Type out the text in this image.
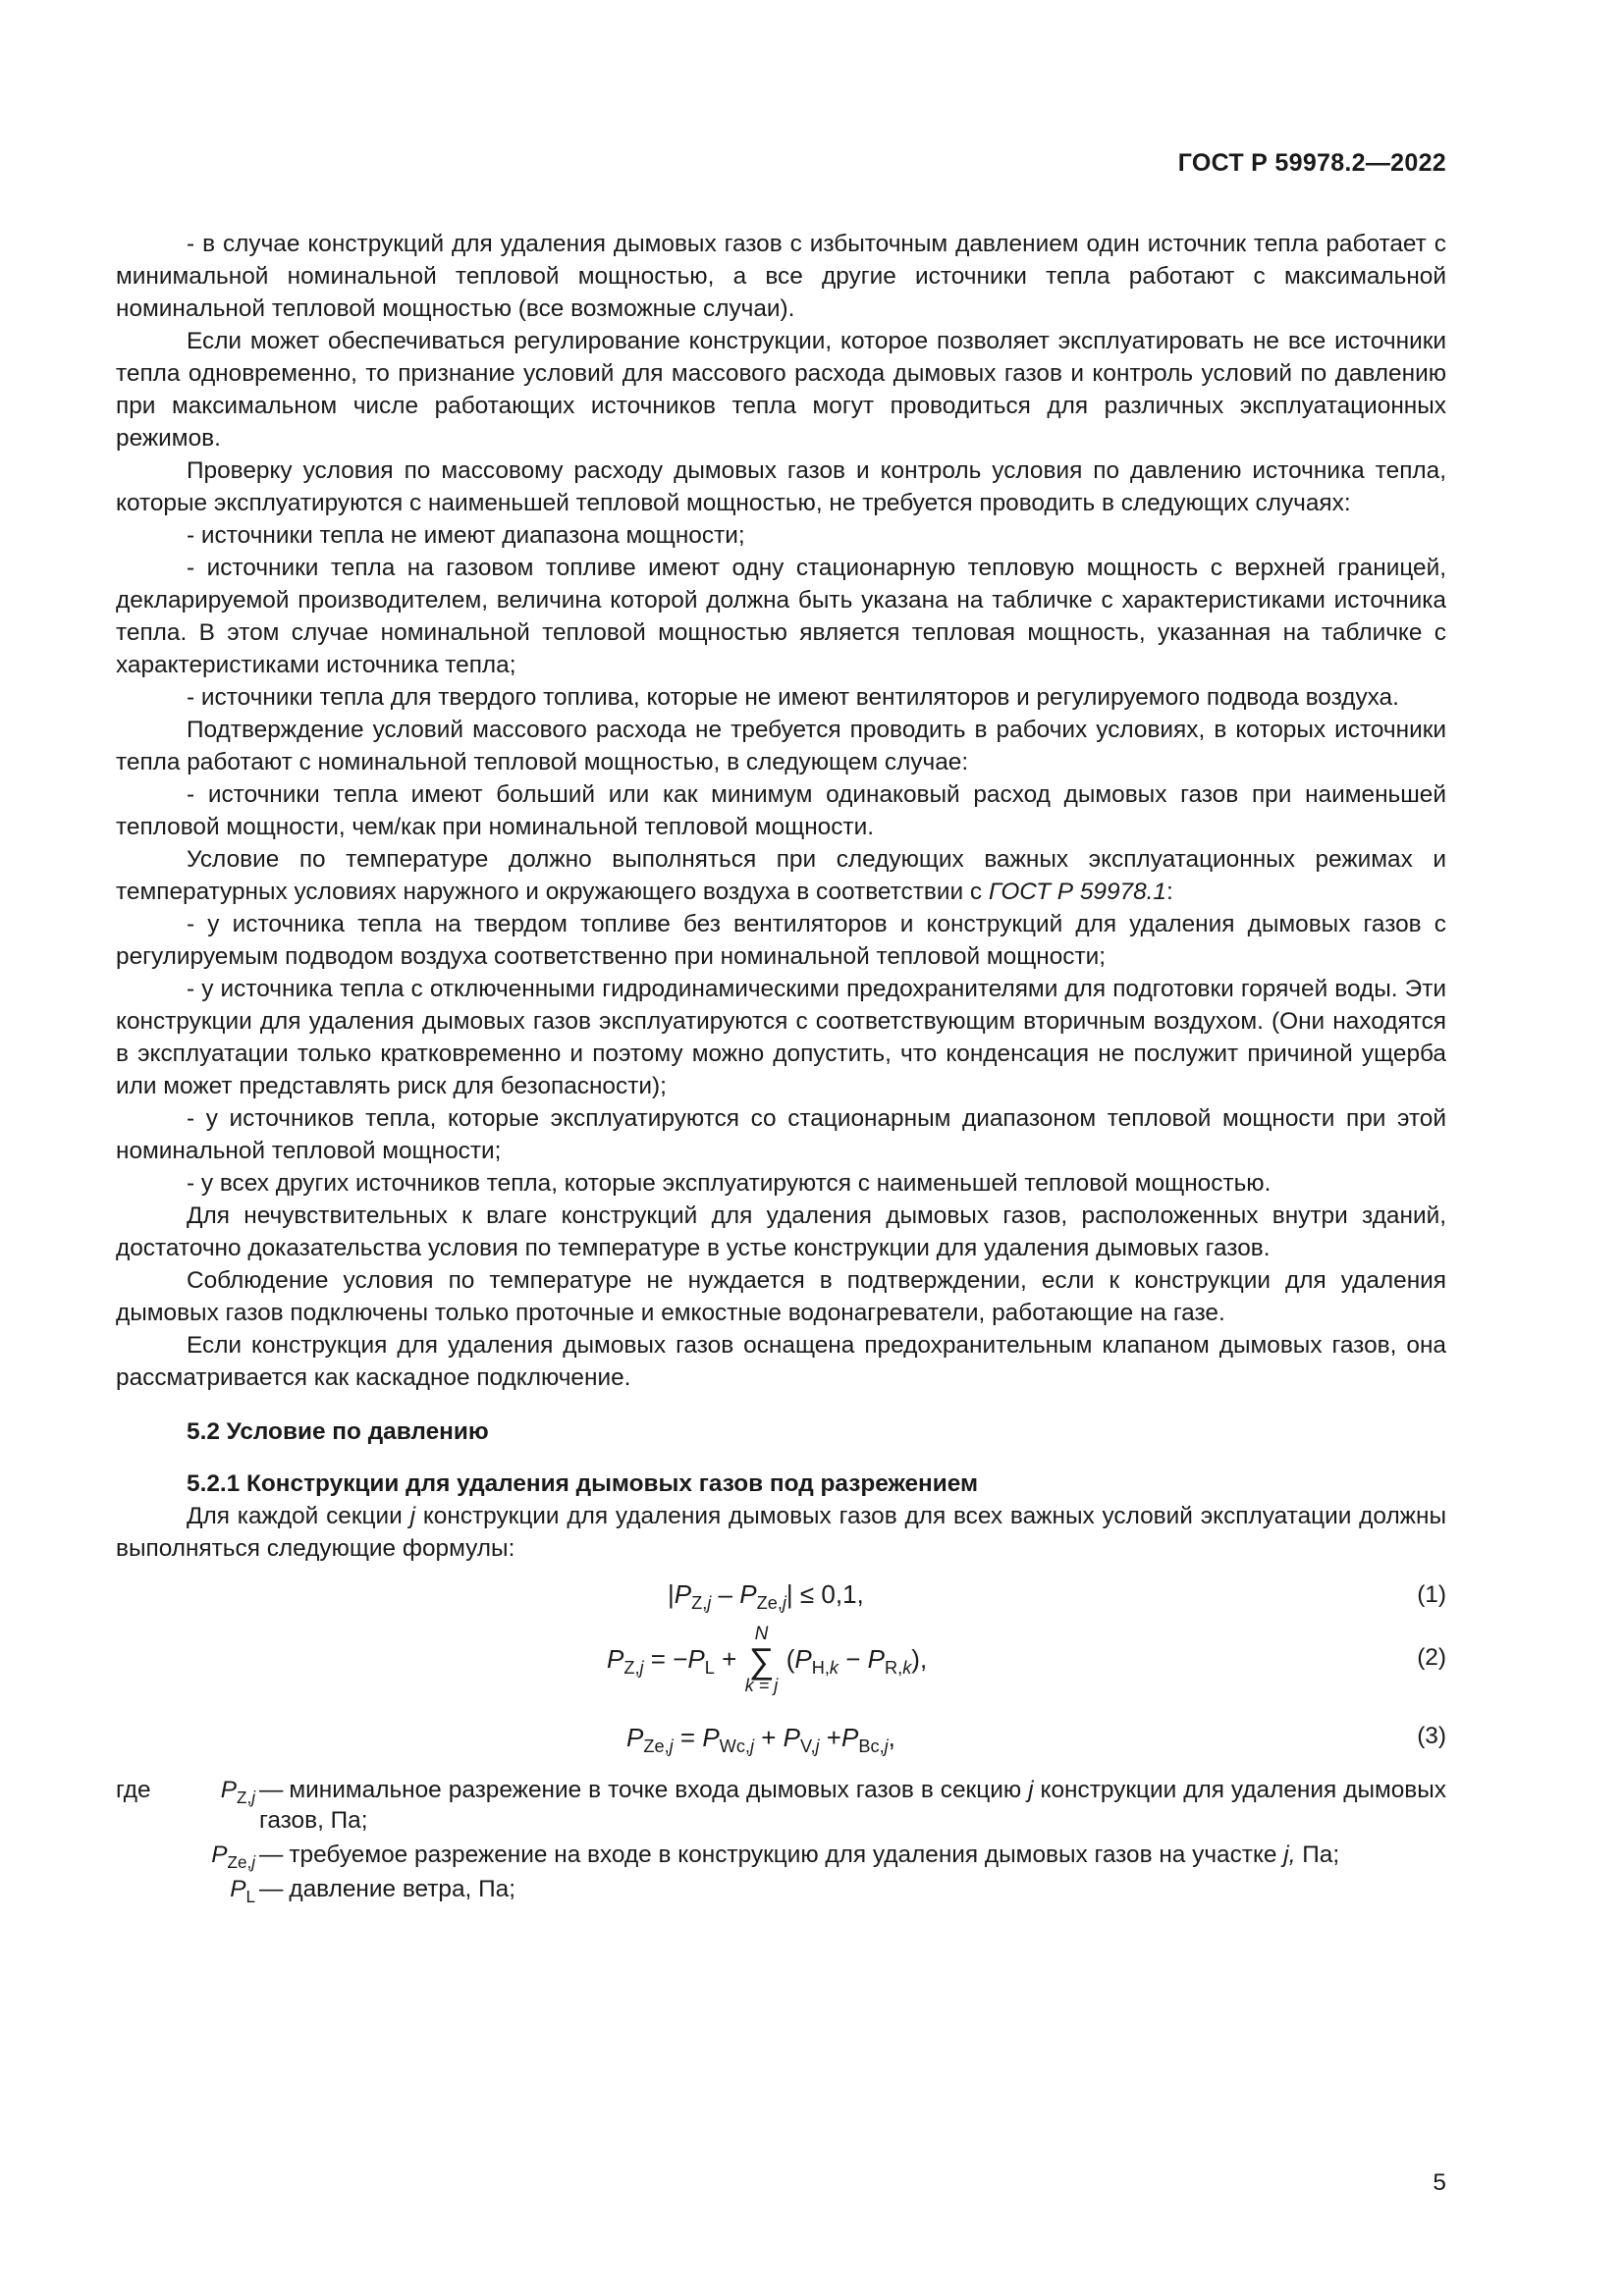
ГОСТ Р 59978.2—2022

- в случае конструкций для удаления дымовых газов с избыточным давлением один источник тепла работает с минимальной номинальной тепловой мощностью, а все другие источники тепла работают с максимальной номинальной тепловой мощностью (все возможные случаи).

Если может обеспечиваться регулирование конструкции, которое позволяет эксплуатировать не все источники тепла одновременно, то признание условий для массового расхода дымовых газов и контроль условий по давлению при максимальном числе работающих источников тепла могут проводиться для различных эксплуатационных режимов.

Проверку условия по массовому расходу дымовых газов и контроль условия по давлению источника тепла, которые эксплуатируются с наименьшей тепловой мощностью, не требуется проводить в следующих случаях:

- источники тепла не имеют диапазона мощности;

- источники тепла на газовом топливе имеют одну стационарную тепловую мощность с верхней границей, декларируемой производителем, величина которой должна быть указана на табличке с характеристиками источника тепла. В этом случае номинальной тепловой мощностью является тепловая мощность, указанная на табличке с характеристиками источника тепла;

- источники тепла для твердого топлива, которые не имеют вентиляторов и регулируемого подвода воздуха.

Подтверждение условий массового расхода не требуется проводить в рабочих условиях, в которых источники тепла работают с номинальной тепловой мощностью, в следующем случае:

- источники тепла имеют больший или как минимум одинаковый расход дымовых газов при наименьшей тепловой мощности, чем/как при номинальной тепловой мощности.

Условие по температуре должно выполняться при следующих важных эксплуатационных режимах и температурных условиях наружного и окружающего воздуха в соответствии с ГОСТ Р 59978.1:

- у источника тепла на твердом топливе без вентиляторов и конструкций для удаления дымовых газов с регулируемым подводом воздуха соответственно при номинальной тепловой мощности;

- у источника тепла с отключенными гидродинамическими предохранителями для подготовки горячей воды. Эти конструкции для удаления дымовых газов эксплуатируются с соответствующим вторичным воздухом. (Они находятся в эксплуатации только кратковременно и поэтому можно допустить, что конденсация не послужит причиной ущерба или может представлять риск для безопасности);

- у источников тепла, которые эксплуатируются со стационарным диапазоном тепловой мощности при этой номинальной тепловой мощности;

- у всех других источников тепла, которые эксплуатируются с наименьшей тепловой мощностью.

Для нечувствительных к влаге конструкций для удаления дымовых газов, расположенных внутри зданий, достаточно доказательства условия по температуре в устье конструкции для удаления дымовых газов.

Соблюдение условия по температуре не нуждается в подтверждении, если к конструкции для удаления дымовых газов подключены только проточные и емкостные водонагреватели, работающие на газе.

Если конструкция для удаления дымовых газов оснащена предохранительным клапаном дымовых газов, она рассматривается как каскадное подключение.

5.2 Условие по давлению
5.2.1 Конструкции для удаления дымовых газов под разрежением

Для каждой секции j конструкции для удаления дымовых газов для всех важных условий эксплуатации должны выполняться следующие формулы:

$|P_{Z,j} - P_{Ze,j}| \le 0,1$,	(1)
$P_{Z,j} = -P_L$ +
N
∑
k = j
$(P_{H,k} - P_{R,k})$,	(2)
$P_{Ze,j} = P_{Wc,j} + P_{V,j} +P_{Bc,j}$,	(3)
где	$P_{Z,j}$ — минимальное разрежение в точке входа дымовых газов в секцию j конструкции для удаления дымовых газов, Па;
$P_{Ze,j}$ — требуемое разрежение на входе в конструкцию для удаления дымовых газов на участке j, Па;
$P_L$ — давление ветра, Па;
5
